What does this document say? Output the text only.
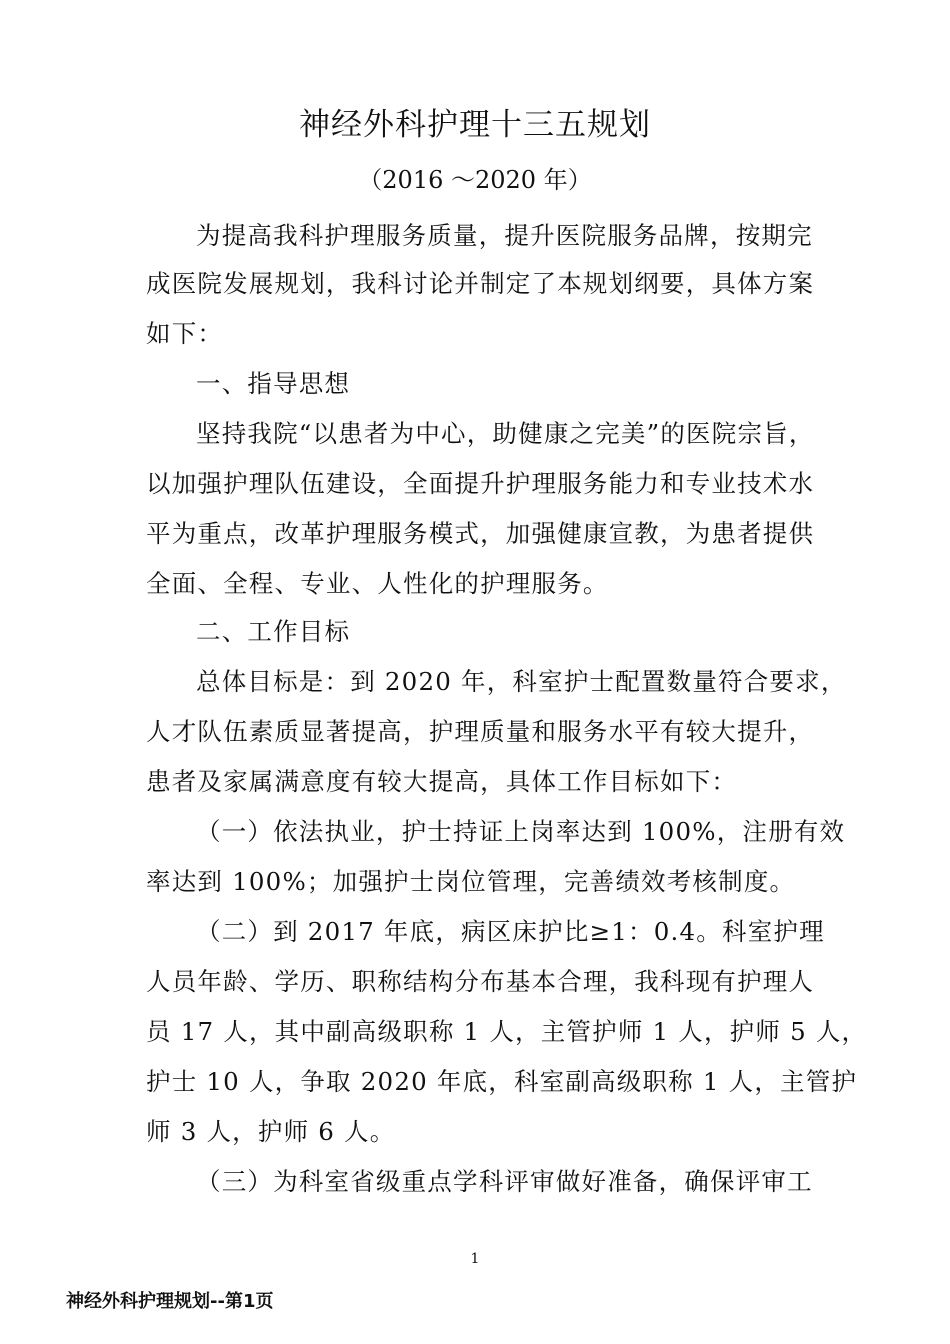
神经外科护理十三五规划
（2016 ～2020 年）
为提高我科护理服务质量，提升医院服务品牌，按期完
成医院发展规划，我科讨论并制定了本规划纲要，具体方案
如下：
一、指导思想
坚持我院“以患者为中心，助健康之完美”的医院宗旨，
以加强护理队伍建设，全面提升护理服务能力和专业技术水
平为重点，改革护理服务模式，加强健康宣教，为患者提供
全面、全程、专业、人性化的护理服务。
二、工作目标
总体目标是：到 2020 年，科室护士配置数量符合要求，
人才队伍素质显著提高，护理质量和服务水平有较大提升，
患者及家属满意度有较大提高，具体工作目标如下：
（一）依法执业，护士持证上岗率达到 100%，注册有效
率达到 100%；加强护士岗位管理，完善绩效考核制度。
（二）到 2017 年底，病区床护比≥1：0.4。科室护理
人员年龄、学历、职称结构分布基本合理，我科现有护理人
员 17 人，其中副高级职称 1 人，主管护师 1 人，护师 5 人，
护士 10 人，争取 2020 年底，科室副高级职称 1 人，主管护
师 3 人，护师 6 人。
（三）为科室省级重点学科评审做好准备，确保评审工
1
神经外科护理规划--第1页
